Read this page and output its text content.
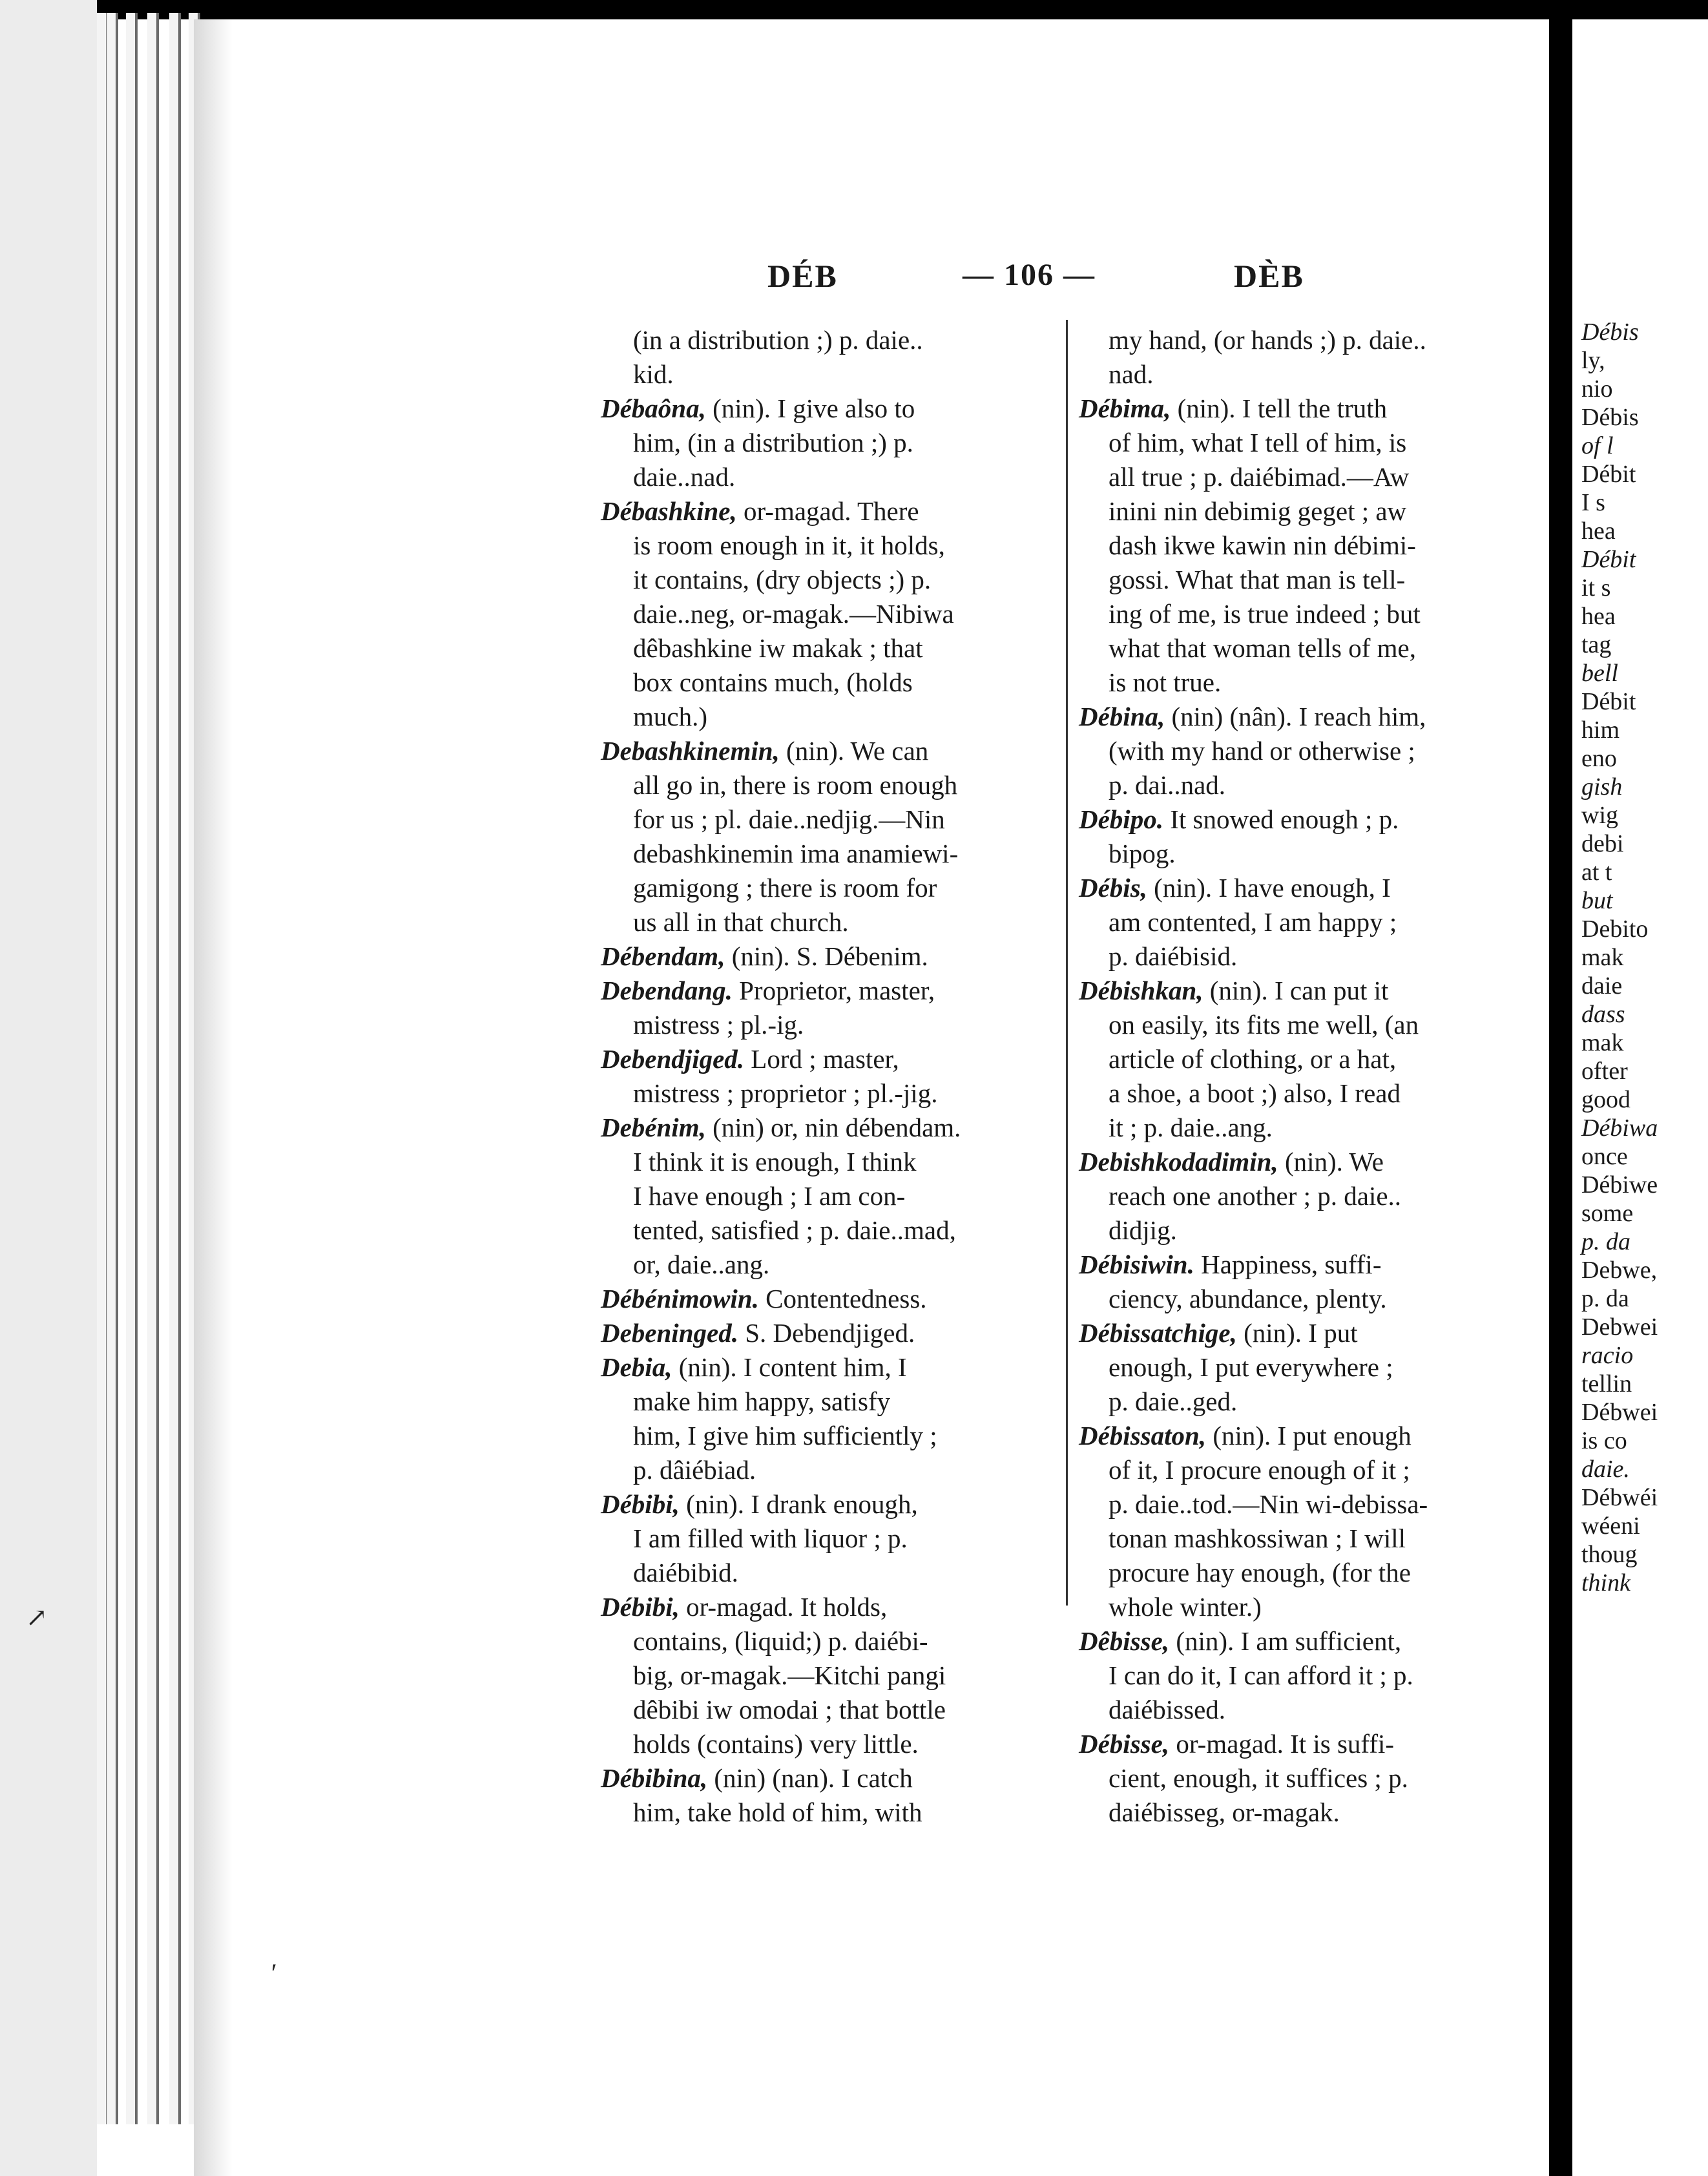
↗
′
Débis
ly,
nio
Débis
of l
Débit
I s
hea
Débit
it s
hea
tag
bell
Débit
him
eno
gish
wig
debi
at t
but
Debito
mak
daie
dass
mak
ofter
good
Débiwa
once
Débiwe
some
p. da
Debwe,
p. da
Debwei
racio
tellin
Débwei
is co
daie.
Débwéi
wéeni
thoug
think
DÉB	— 106 —	DÈB
(in a distribution ;) p. daie..
kid.
Débaôna, (nin). I give also to
him, (in a distribution ;) p.
daie..nad.
Débashkine, or-magad. There
is room enough in it, it holds,
it contains, (dry objects ;) p.
daie..neg, or-magak.—Nibiwa
dêbashkine iw makak ; that
box contains much, (holds
much.)
Debashkinemin, (nin). We can
all go in, there is room enough
for us ; pl. daie..nedjig.—Nin
debashkinemin ima anamiewi-
gamigong ; there is room for
us all in that church.
Débendam, (nin). S. Débenim.
Debendang. Proprietor, master,
mistress ; pl.-ig.
Debendjiged. Lord ; master,
mistress ; proprietor ; pl.-jig.
Debénim, (nin) or, nin débendam.
I think it is enough, I think
I have enough ; I am con-
tented, satisfied ; p. daie..mad,
or, daie..ang.
Débénimowin. Contentedness.
Debeninged. S. Debendjiged.
Debia, (nin). I content him, I
make him happy, satisfy
him, I give him sufficiently ;
p. dâiébiad.
Débibi, (nin). I drank enough,
I am filled with liquor ; p.
daiébibid.
Débibi, or-magad. It holds,
contains, (liquid;) p. daiébi-
big, or-magak.—Kitchi pangi
dêbibi iw omodai ; that bottle
holds (contains) very little.
Débibina, (nin) (nan). I catch
him, take hold of him, with
my hand, (or hands ;) p. daie..
nad.
Débima, (nin). I tell the truth
of him, what I tell of him, is
all true ; p. daiébimad.—Aw
inini nin debimig geget ; aw
dash ikwe kawin nin débimi-
gossi. What that man is tell-
ing of me, is true indeed ; but
what that woman tells of me,
is not true.
Débina, (nin) (nân). I reach him,
(with my hand or otherwise ;
p. dai..nad.
Débipo. It snowed enough ; p.
bipog.
Débis, (nin). I have enough, I
am contented, I am happy ;
p. daiébisid.
Débishkan, (nin). I can put it
on easily, its fits me well, (an
article of clothing, or a hat,
a shoe, a boot ;) also, I read
it ; p. daie..ang.
Debishkodadimin, (nin). We
reach one another ; p. daie..
didjig.
Débisiwin. Happiness, suffi-
ciency, abundance, plenty.
Débissatchige, (nin). I put
enough, I put everywhere ;
p. daie..ged.
Débissaton, (nin). I put enough
of it, I procure enough of it ;
p. daie..tod.—Nin wi-debissa-
tonan mashkossiwan ; I will
procure hay enough, (for the
whole winter.)
Dêbisse, (nin). I am sufficient,
I can do it, I can afford it ; p.
daiébissed.
Débisse, or-magad. It is suffi-
cient, enough, it suffices ; p.
daiébisseg, or-magak.
